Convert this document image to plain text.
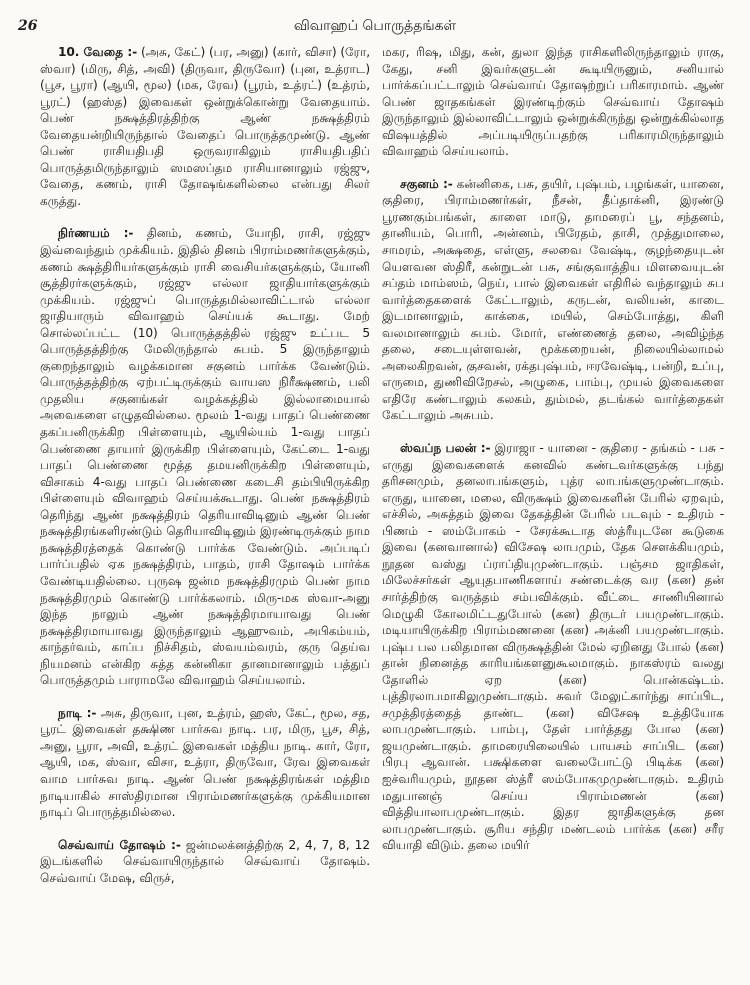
26	விவாஹப் பொருத்தங்கள்

10. வேதை :- (அசு, கேட்) (பர, அனு) (கார், விசா) (ரோ, ஸ்வா) (மிரு, சித், அவி) (திருவா, திருவோ) (புன, உத்ராட) (பூச, பூரா) (ஆயி, மூல) (மக, ரேவ) (பூரம், உத்ரட்) (உத்ரம், பூரட்) (ஹஸ்த) இவைகள் ஒன்றுக்கொன்று வேதையாம். பெண் நக்ஷத்திரத்திற்கு ஆண் நக்ஷத்திரம் வேதையன்றியிருந்தால் வேதைப் பொருத்தமுண்டு. ஆண் பெண் ராசியதிபதி ஒருவராகிலும் ராசியதிபதிப் பொருத்தமிருந்தாலும் ஸமஸப்தம ராசியானாலும் ரஜ்ஜு, வேதை, கணம், ராசி தோஷங்களில்லை என்பது சிலர் கருத்து.

நிர்ணயம் :- தினம், கணம், யோநி, ராசி, ரஜ்ஜு இவ்வைந்தும் முக்கியம். இதில் தினம் பிராம்மணர்களுக்கும், கணம் க்ஷத்திரியர்களுக்கும் ராசி வைசியர்களுக்கும், யோனி சூத்திரர்களுக்கும், ரஜ்ஜு எல்லா ஜாதியார்களுக்கும் முக்கியம். ரஜ்ஜுப் பொருத்தமில்லாவிட்டால் எல்லா ஜாதியாரும் விவாஹம் செய்யக் கூடாது. மேற் சொல்லப்பட்ட (10) பொருத்தத்தில் ரஜ்ஜு உட்பட 5 பொருத்தத்திற்கு மேலிருந்தால் சுபம். 5 இருந்தாலும் குறைந்தாலும் வழக்கமான சகுனம் பார்க்க வேண்டும். பொருத்தத்திற்கு ஏற்பட்டிருக்கும் வாயஸ நிரீக்ஷணம், பலி முதலிய சகுனங்கள் வழக்கத்தில் இல்லாமையால் அவைகளை எழுதவில்லை. மூலம் 1-வது பாதப் பெண்ணை தகப்பனிருக்கிற பிள்ளையும், ஆயில்யம் 1-வது பாதப் பெண்ணை தாயார் இருக்கிற பிள்ளையும், கேட்டை 1-வது பாதப் பெண்ணை மூத்த தமயனிருக்கிற பிள்ளையும், விசாகம் 4-வது பாதப் பெண்ணை கடைசி தம்பியிருக்கிற பிள்ளையும் விவாஹம் செய்யக்கூடாது. பெண் நக்ஷத்திரம் தெரிந்து ஆண் நக்ஷத்திரம் தெரியாவிடினும் ஆண் பெண் நக்ஷத்திரங்களிரண்டும் தெரியாவிடினும் இரண்டிருக்கும் நாம நக்ஷத்திரத்தைக் கொண்டு பார்க்க வேண்டும். அப்படிப் பார்ப்பதில் ஏக நக்ஷத்திரம், பாதம், ராசி தோஷம் பார்க்க வேண்டியதில்லை. புருஷ ஜன்ம நக்ஷத்திரமும் பெண் நாம நக்ஷத்திரமும் கொண்டு பார்க்கலாம். மிரு-மக ஸ்வா-அனு இந்த நாலும் ஆண் நக்ஷத்திரமாயாவது பெண் நக்ஷத்திரமாயாவது இருந்தாலும் ஆஹுவம், அபிகம்யம், காந்தர்வம், காப்ப நிச்சிதம், ஸ்வயம்வரம், குரு தெய்வ நியமனம் என்கிற சுத்த கன்னிகா தானமானாலும் பத்துப் பொருத்தமும் பாராமலே விவாஹம் செய்யலாம்.

நாடி :- அசு, திருவா, புன, உத்ரம், ஹஸ், கேட், மூல, சத, பூரட் இவைகள் தக்ஷிண பார்சுவ நாடி. பர, மிரு, பூச, சித், அனு, பூரா, அவி, உத்ரட் இவைகள் மத்திய நாடி. கார், ரோ, ஆயி, மக, ஸ்வா, விசா, உத்ரா, திருவோ, ரேவ இவைகள் வாம பார்சுவ நாடி. ஆண் பெண் நக்ஷத்திரங்கள் மத்திம நாடியாகில் சாஸ்திரமான பிராம்மணர்களுக்கு முக்கியமான நாடிப் பொருத்தமில்லை.

செவ்வாய் தோஷம் :- ஜன்மலக்னத்திற்கு 2, 4, 7, 8, 12 இடங்களில் செவ்வாயிருந்தால் செவ்வாய் தோஷம். செவ்வாய் மேஷ, விருச்,

மகர, ரிஷ, மிது, கன், துலா இந்த ராசிகளிலிருந்தாலும் ராகு, கேது, சனி இவர்களுடன் கூடியிருனும், சனியால் பார்க்கப்பட்டாலும் செவ்வாய் தோஷற்றுப் பரிகாரமாம். ஆண் பெண் ஜாதகங்கள் இரண்டிற்கும் செவ்வாய் தோஷம் இருந்தாலும் இல்லாவிட்டாலும் ஒன்றுக்கிருந்து ஒன்றுக்கில்லாத விஷயத்தில் அப்படியிருப்பதற்கு பரிகாரமிருந்தாலும் விவாஹம் செய்யலாம்.

சகுனம் :- கன்னிகை, பசு, தயிர், புஷ்பம், பழங்கள், யானை, குதிரை, பிராம்மணர்கள், நீசன், தீப்தாக்னி, இரண்டு பூரணகும்பங்கள், காளை மாடு, தாமரைப் பூ, சந்தனம், தானியம், பொரி, அன்னம், பிரேதம், தாசி, முத்துமாலை, சாமரம், அக்ஷதை, எள்ளு, சலவை வேஷ்டி, குழந்தையுடன் யௌவன ஸ்திரீ, கன்றுடன் பசு, சங்குவாத்திய மிளவையுடன் சப்தம் மாம்ஸம், நெய், பால் இவைகள் எதிரில் வந்தாலும் சுப வார்த்தைகளைக் கேட்டாலும், கருடன், வலியன், காடை இடமானாலும், காக்கை, மயில், செம்போத்து, கிளி வலமானாலும் சுபம். மோர், எண்ணைத் தலை, அவிழ்ந்த தலை, சடையுள்ளவன், மூக்கறையன், நிலையில்லாமல் அலைகிறவன், குசவன், ரக்தபுஷ்பம், ஈரவேஷ்டி, பன்றி, உப்பு, எருமை, துணிவிறேசல், அழுகை, பாம்பு, முயல் இவைகளை எதிரே கண்டாலும் கலகம், தும்மல், தடங்கல் வார்த்தைகள் கேட்டாலும் அசுபம்.

ஸ்வப்ந பலன் :- இராஜா - யானை - குதிரை - தங்கம் - பசு - எருது இவைகளைக் கனவில் கண்டவர்களுக்கு பந்து தரிசனமும், தனலாபங்களும், புத்ர லாபங்களுமுண்டாகும். எருது, யானை, மலை, விருக்ஷம் இவைகளின் பேரில் ஏறவும், எச்சில், அசுத்தம் இவை தேகத்தின் பேரில் படவும் - உதிரம் - பிணம் - ஸம்போகம் - சேரக்கூடாத ஸ்த்ரீயுடனே கூடுகை இவை (கனவானால்) விசேஷ லாபமும், தேக சௌக்கியமும், நூதன வஸ்து ப்ராப்தியுமுண்டாகும். பஞ்சம ஜாதிகள், மிலேச்சர்கள் ஆயுதபாணிகளாய் சண்டைக்கு வர (கன) தன் சார்த்திற்கு வருத்தம் சம்பவிக்கும். வீட்டை சாணியினால் மெழுகி கோலமிட்டதுபோல் (கன) திருடர் பயமுண்டாகும். மடியாயிருக்கிற பிராம்மணனை (கன) அக்னி பயமுண்டாகும். புஷ்ப பல பலிதமான விருக்ஷத்தின் மேல் ஏறினது போல் (கன) தான் நினைத்த காரியங்களனுகூலமாகும். நாகஸ்ரம் வலது தோளில் ஏற (கன) பொன்கஷ்டம். புத்திரலாபமாகிலுமுண்டாகும். சுவர் மேலுட்கார்ந்து சாப்பிட, சமுத்திரத்தைத் தாண்ட (கன) விசேஷ உத்தியோக லாபமுண்டாகும். பாம்பு, தேள் பார்த்தது போல (கன) ஜயமுண்டாகும். தாமரையிலையில் பாயசம் சாப்பிட (கன) பிரபு ஆவான். பக்ஷிகளை வலைபோட்டு பிடிக்க (கன) ஐச்வரியமும், நூதன ஸ்த்ரீ ஸம்போகமுமுண்டாகும். உதிரம் மதுபானஞ் செய்ய பிராம்மணன் (கன) வித்தியாலாபமுண்டாகும். இதர ஜாதிகளுக்கு தன லாபமுண்டாகும். சூரிய சந்திர மண்டலம் பார்க்க (கன) சரீர வியாதி விடும். தலை மயிர்
